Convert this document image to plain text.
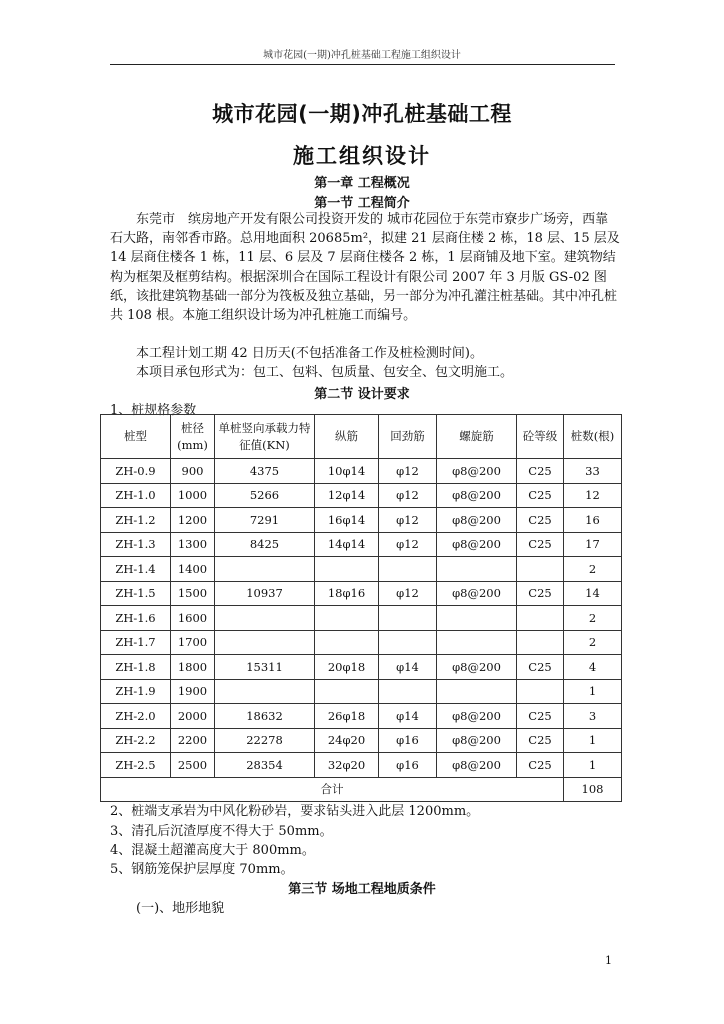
城市花园(一期)冲孔桩基础工程施工组织设计
城市花园(一期)冲孔桩基础工程
施工组织设计
第一章 工程概况
第一节 工程简介

东莞市　缤房地产开发有限公司投资开发的 城市花园位于东莞市寮步广场旁，西靠石大路，南邻香市路。总用地面积 20685m²，拟建 21 层商住楼 2 栋，18 层、15 层及 14 层商住楼各 1 栋，11 层、6 层及 7 层商住楼各 2 栋，1 层商铺及地下室。建筑物结构为框架及框剪结构。根据深圳合在国际工程设计有限公司 2007 年 3 月版 GS-02 图纸，该批建筑物基础一部分为筏板及独立基础，另一部分为冲孔灌注桩基础。其中冲孔桩共 108 根。本施工组织设计场为冲孔桩施工而编号。

本工程计划工期 42 日历天(不包括准备工作及桩检测时间)。

本项目承包形式为：包工、包料、包质量、包安全、包文明施工。

第二节 设计要求
1、桩规格参数
桩型	桩径(mm)	单桩竖向承载力特征值(KN)	纵筋	回劲筋	螺旋筋	砼等级	桩数(根)
ZH-0.9	900	4375	10φ14	φ12	φ8@200	C25	33
ZH-1.0	1000	5266	12φ14	φ12	φ8@200	C25	12
ZH-1.2	1200	7291	16φ14	φ12	φ8@200	C25	16
ZH-1.3	1300	8425	14φ14	φ12	φ8@200	C25	17
ZH-1.4	1400						2
ZH-1.5	1500	10937	18φ16	φ12	φ8@200	C25	14
ZH-1.6	1600						2
ZH-1.7	1700						2
ZH-1.8	1800	15311	20φ18	φ14	φ8@200	C25	4
ZH-1.9	1900						1
ZH-2.0	2000	18632	26φ18	φ14	φ8@200	C25	3
ZH-2.2	2200	22278	24φ20	φ16	φ8@200	C25	1
ZH-2.5	2500	28354	32φ20	φ16	φ8@200	C25	1
合计							108
2、桩端支承岩为中风化粉砂岩，要求钻头进入此层 1200mm。
3、清孔后沉渣厚度不得大于 50mm。
4、混凝土超灌高度大于 800mm。
5、钢筋笼保护层厚度 70mm。
第三节 场地工程地质条件
(一)、地形地貌
1
